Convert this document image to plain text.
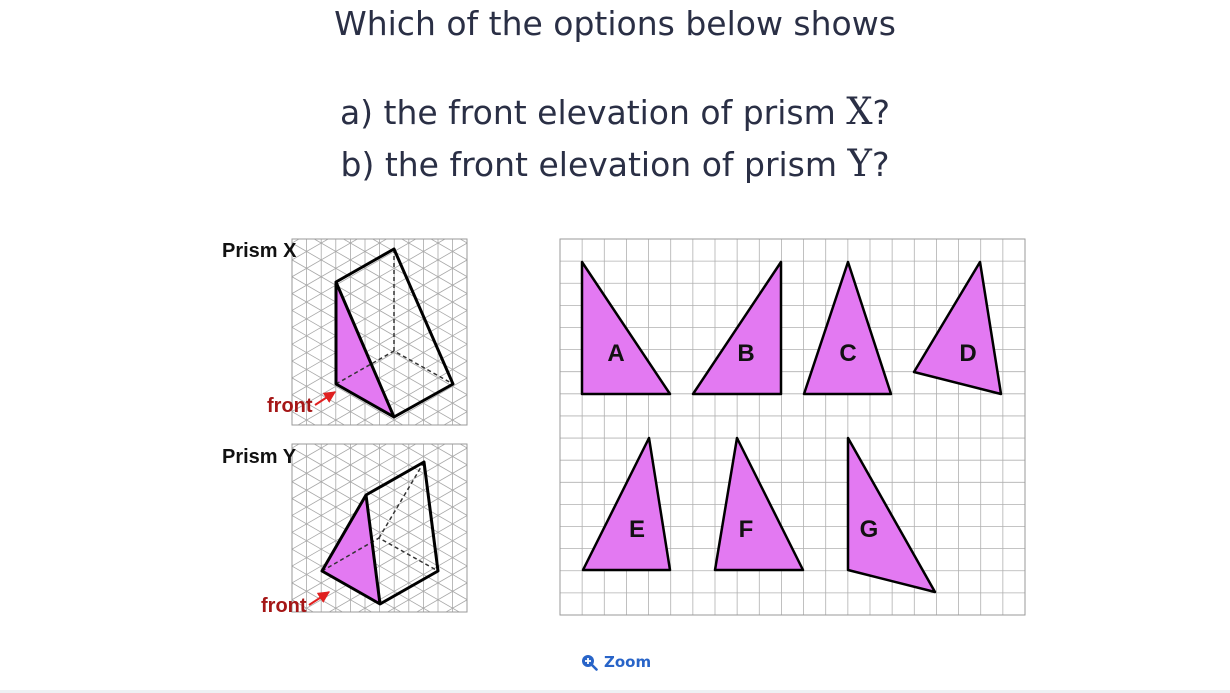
Which of the options below shows
a) the front elevation of prism X?
b) the front elevation of prism Y?
Prism X
Prism Y
front
front
A	B	C	D
E	F	G
Zoom
